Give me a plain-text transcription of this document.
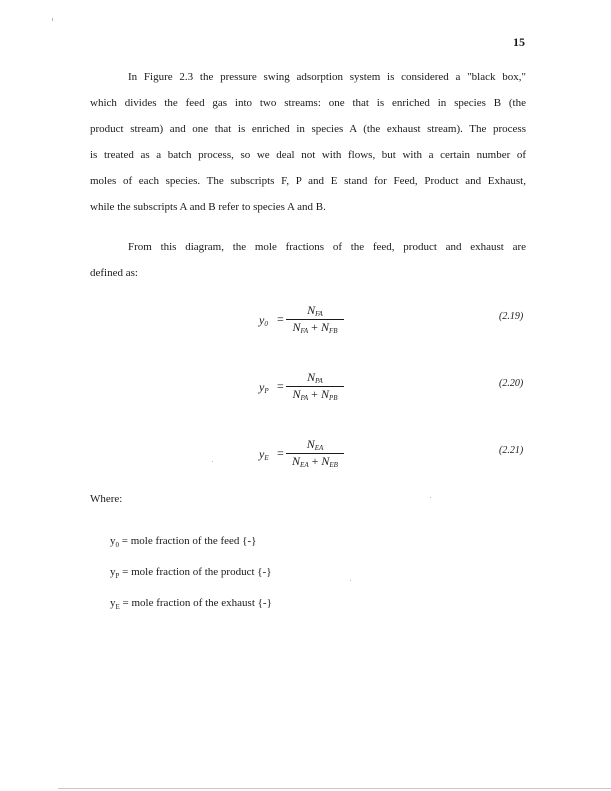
15

In Figure 2.3 the pressure swing adsorption system is considered a "black box,"
which divides the feed gas into two streams: one that is enriched in species B (the
product stream) and one that is enriched in species A (the exhaust stream). The process
is treated as a batch process, so we deal not with flows, but with a certain number of
moles of each species. The subscripts F, P and E stand for Feed, Product and Exhaust,
while the subscripts A and B refer to species A and B.

From this diagram, the mole fractions of the feed, product and exhaust are
defined as:

$y_0$ =
$N_{FA}$
$N_{FA} + N_{FB}$
(2.19)
$y_P$ =
$N_{PA}$
$N_{PA} + N_{PB}$
(2.20)
$y_E$ =
$N_{EA}$
$N_{EA} + N_{EB}$
(2.21)
Where:
$y_0$ = mole fraction of the feed {-}
$y_P$ = mole fraction of the product {-}
$y_E$ = mole fraction of the exhaust {-}
